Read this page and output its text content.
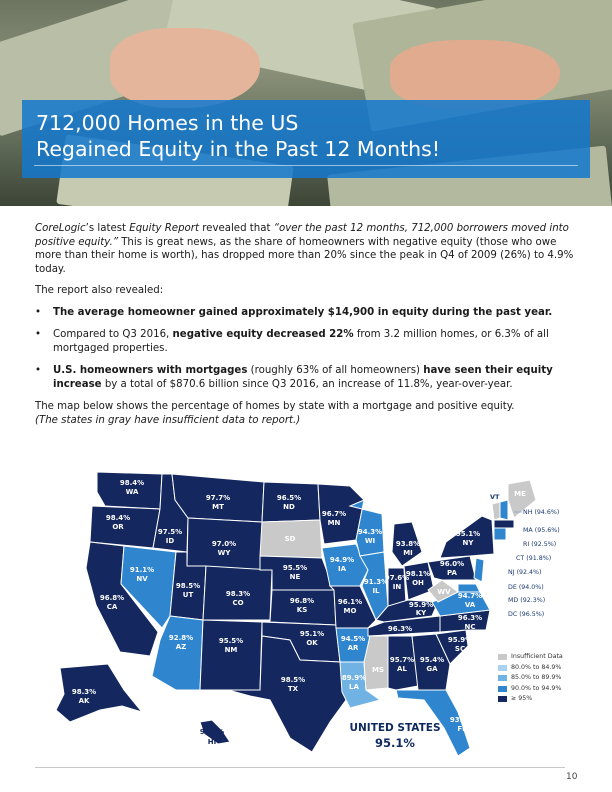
712,000 Homes in the US
Regained Equity in the Past 12 Months!

CoreLogic’s latest Equity Report revealed that “over the past 12 months, 712,000 borrowers moved into positive equity.” This is great news, as the share of homeowners with negative equity (those who owe more than their home is worth), has dropped more than 20% since the peak in Q4 of 2009 (26%) to 4.9% today.

The report also revealed:

• The average homeowner gained approximately $14,900 in equity during the past year.
• Compared to Q3 2016, negative equity decreased 22% from 3.2 million homes, or 6.3% of all mortgaged properties.
• U.S. homeowners with mortgages (roughly 63% of all homeowners) have seen their equity increase by a total of $870.6 billion since Q3 2016, an increase of 11.8%, year-over-year.

The map below shows the percentage of homes by state with a mortgage and positive equity.
(The states in gray have insufficient data to report.)

98.4%
WA
98.4%
OR
96.8%
CA
91.1%
NV
97.5%
ID
97.7%
MT
97.0%
WY
98.5%
UT	98.3%
CO
92.8%
AZ
95.5%
NM
96.5%
ND
SD
95.5%
NE
96.8%
KS
95.1%
OK
98.5%
TX
96.7%
MN
94.9%
IA
96.1%
MO
94.5%
AR
89.9%
LA
94.3%
WI
91.3%
IL
93.8%
MI
97.6%
IN
98.1%
OH
95.9%
KY
96.3%
MS
95.7%
AL
95.4%
GA
93.0%
FL
95.9%
SC
96.3%
NC
94.7%
VA
WV
96.0%
PA
95.1%
NY
VT ME
98.3%
AK
98.3%
HI
NH (94.6%)
MA (95.6%)
RI (92.5%)
CT (91.8%)
NJ (92.4%)
DE (94.0%)
MD (92.3%)
DC (96.5%)
Insufficient Data
80.0% to 84.9%
85.0% to 89.9%
90.0% to 94.9%
≥ 95%
UNITED STATES
95.1%
10
